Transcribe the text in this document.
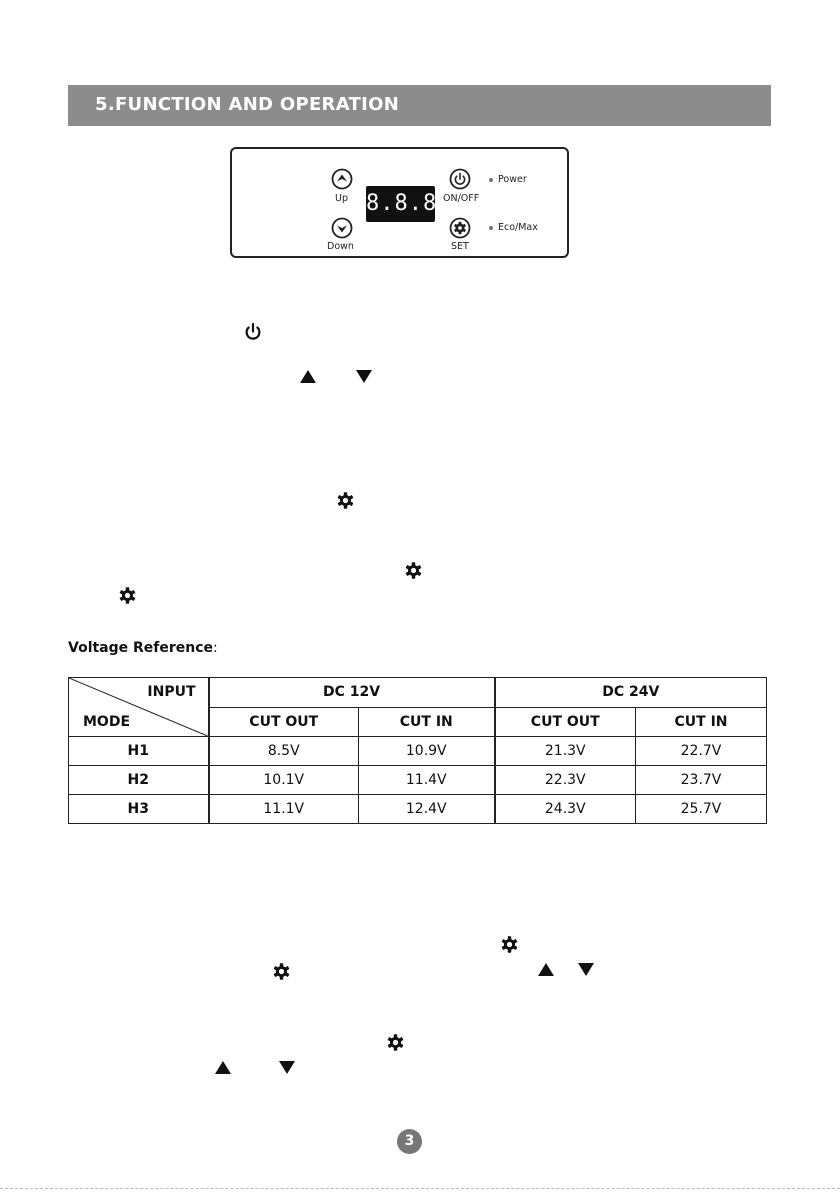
5.FUNCTION AND OPERATION
Up
Down
8.8.8.
ON/OFF
SET
Power
Eco/Max
Voltage Reference:
INPUT
MODE	DC 12V		DC 24V	
	CUT OUT	CUT IN	CUT OUT	CUT IN
H1	8.5V	10.9V	21.3V	22.7V
H2	10.1V	11.4V	22.3V	23.7V
H3	11.1V	12.4V	24.3V	25.7V
3
